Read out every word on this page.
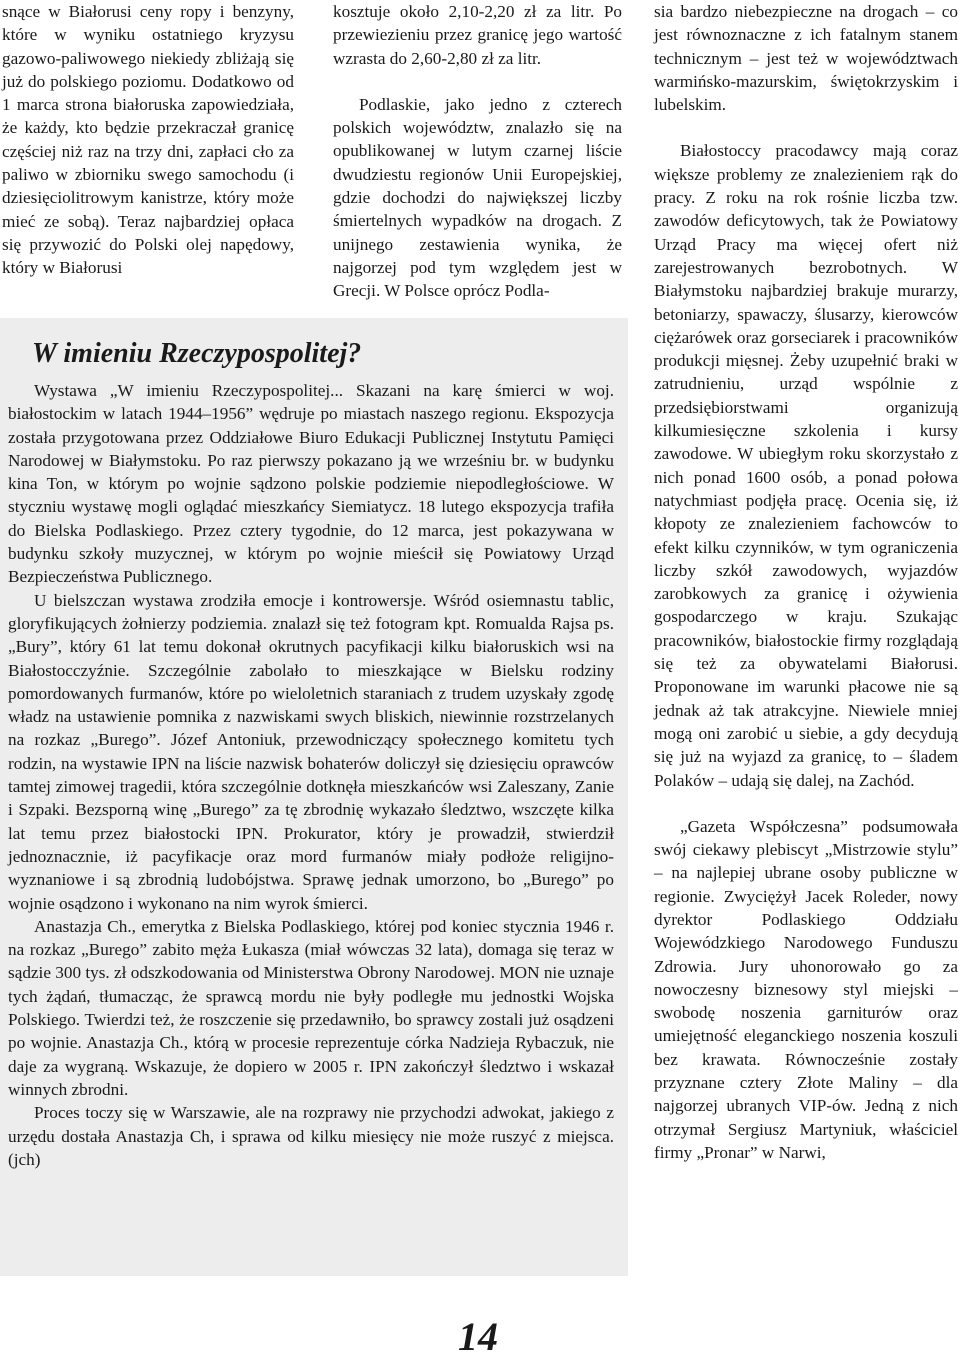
snące w Białorusi ceny ropy i benzyny, które w wyniku ostatniego kryzysu gazowo-paliwowego niekiedy zbliżają się już do polskiego poziomu. Dodatkowo od 1 marca strona białoruska zapowiedziała, że każdy, kto będzie przekraczał granicę częściej niż raz na trzy dni, zapłaci cło za paliwo w zbiorniku swego samochodu (i dziesięciolitrowym kanistrze, który może mieć ze sobą). Teraz najbardziej opłaca się przywozić do Polski olej napędowy, który w Białorusi

kosztuje około 2,10-2,20 zł za litr. Po przewiezieniu przez granicę jego wartość wzrasta do 2,60-2,80 zł za litr.

Podlaskie, jako jedno z czterech polskich województw, znalazło się na opublikowanej w lutym czarnej liście dwudziestu regionów Unii Europejskiej, gdzie dochodzi do największej liczby śmiertelnych wypadków na drogach. Z unijnego zestawienia wynika, że najgorzej pod tym względem jest w Grecji. W Polsce oprócz Podla-

sia bardzo niebezpieczne na drogach – co jest równoznaczne z ich fatalnym stanem technicznym – jest też w województwach warmińsko-mazurskim, świętokrzyskim i lubelskim.

Białostoccy pracodawcy mają coraz większe problemy ze znalezieniem rąk do pracy. Z roku na rok rośnie liczba tzw. zawodów deficytowych, tak że Powiatowy Urząd Pracy ma więcej ofert niż zarejestrowanych bezrobotnych. W Białymstoku najbardziej brakuje murarzy, betoniarzy, spawaczy, ślusarzy, kierowców ciężarówek oraz gorseciarek i pracowników produkcji mięsnej. Żeby uzupełnić braki w zatrudnieniu, urząd wspólnie z przedsiębiorstwami organizują kilkumiesięczne szkolenia i kursy zawodowe. W ubiegłym roku skorzystało z nich ponad 1600 osób, a ponad połowa natychmiast podjęła pracę. Ocenia się, iż kłopoty ze znalezieniem fachowców to efekt kilku czynników, w tym ograniczenia liczby szkół zawodowych, wyjazdów zarobkowych za granicę i ożywienia gospodarczego w kraju. Szukając pracowników, białostockie firmy rozglądają się też za obywatelami Białorusi. Proponowane im warunki płacowe nie są jednak aż tak atrakcyjne. Niewiele mniej mogą oni zarobić u siebie, a gdy decydują się już na wyjazd za granicę, to – śladem Polaków – udają się dalej, na Zachód.

„Gazeta Współczesna” podsumowała swój ciekawy plebiscyt „Mistrzowie stylu” – na najlepiej ubrane osoby publiczne w regionie. Zwyciężył Jacek Roleder, nowy dyrektor Podlaskiego Oddziału Wojewódzkiego Narodowego Funduszu Zdrowia. Jury uhonorowało go za nowoczesny biznesowy styl miejski – swobodę noszenia garniturów oraz umiejętność eleganckiego noszenia koszuli bez krawata. Równocześnie zostały przyznane cztery Złote Maliny – dla najgorzej ubranych VIP-ów. Jedną z nich otrzymał Sergiusz Martyniuk, właściciel firmy „Pronar” w Narwi,

W imieniu Rzeczypospolitej?

Wystawa „W imieniu Rzeczypospolitej... Skazani na karę śmierci w woj. białostockim w latach 1944–1956” wędruje po miastach naszego regionu. Ekspozycja została przygotowana przez Oddziałowe Biuro Edukacji Publicznej Instytutu Pamięci Narodowej w Białymstoku. Po raz pierwszy pokazano ją we wrześniu br. w budynku kina Ton, w którym po wojnie sądzono polskie podziemie niepodległościowe. W styczniu wystawę mogli oglądać mieszkańcy Siemiatycz. 18 lutego ekspozycja trafiła do Bielska Podlaskiego. Przez cztery tygodnie, do 12 marca, jest pokazywana w budynku szkoły muzycznej, w którym po wojnie mieścił się Powiatowy Urząd Bezpieczeństwa Publicznego.

U bielszczan wystawa zrodziła emocje i kontrowersje. Wśród osiemnastu tablic, gloryfikujących żołnierzy podziemia. znalazł się też fotogram kpt. Romualda Rajsa ps. „Bury”, który 61 lat temu dokonał okrutnych pacyfikacji kilku białoruskich wsi na Białostocczyźnie. Szczególnie zabolało to mieszkające w Bielsku rodziny pomordowanych furmanów, które po wieloletnich staraniach z trudem uzyskały zgodę władz na ustawienie pomnika z nazwiskami swych bliskich, niewinnie rozstrzelanych na rozkaz „Burego”. Józef Antoniuk, przewodniczący społecznego komitetu tych rodzin, na wystawie IPN na liście nazwisk bohaterów doliczył się dziesięciu oprawców tamtej zimowej tragedii, która szczególnie dotknęła mieszkańców wsi Zaleszany, Zanie i Szpaki. Bezsporną winę „Burego” za tę zbrodnię wykazało śledztwo, wszczęte kilka lat temu przez białostocki IPN. Prokurator, który je prowadził, stwierdził jednoznacznie, iż pacyfikacje oraz mord furmanów miały podłoże religijno-wyznaniowe i są zbrodnią ludobójstwa. Sprawę jednak umorzono, bo „Burego” po wojnie osądzono i wykonano na nim wyrok śmierci.

Anastazja Ch., emerytka z Bielska Podlaskiego, której pod koniec stycznia 1946 r. na rozkaz „Burego” zabito męża Łukasza (miał wówczas 32 lata), domaga się teraz w sądzie 300 tys. zł odszkodowania od Ministerstwa Obrony Narodowej. MON nie uznaje tych żądań, tłumacząc, że sprawcą mordu nie były podległe mu jednostki Wojska Polskiego. Twierdzi też, że roszczenie się przedawniło, bo sprawcy zostali już osądzeni po wojnie. Anastazja Ch., którą w procesie reprezentuje córka Nadzieja Rybaczuk, nie daje za wygraną. Wskazuje, że dopiero w 2005 r. IPN zakończył śledztwo i wskazał winnych zbrodni.

Proces toczy się w Warszawie, ale na rozprawy nie przychodzi adwokat, jakiego z urzędu dostała Anastazja Ch, i sprawa od kilku miesięcy nie może ruszyć z miejsca. (jch)

14
